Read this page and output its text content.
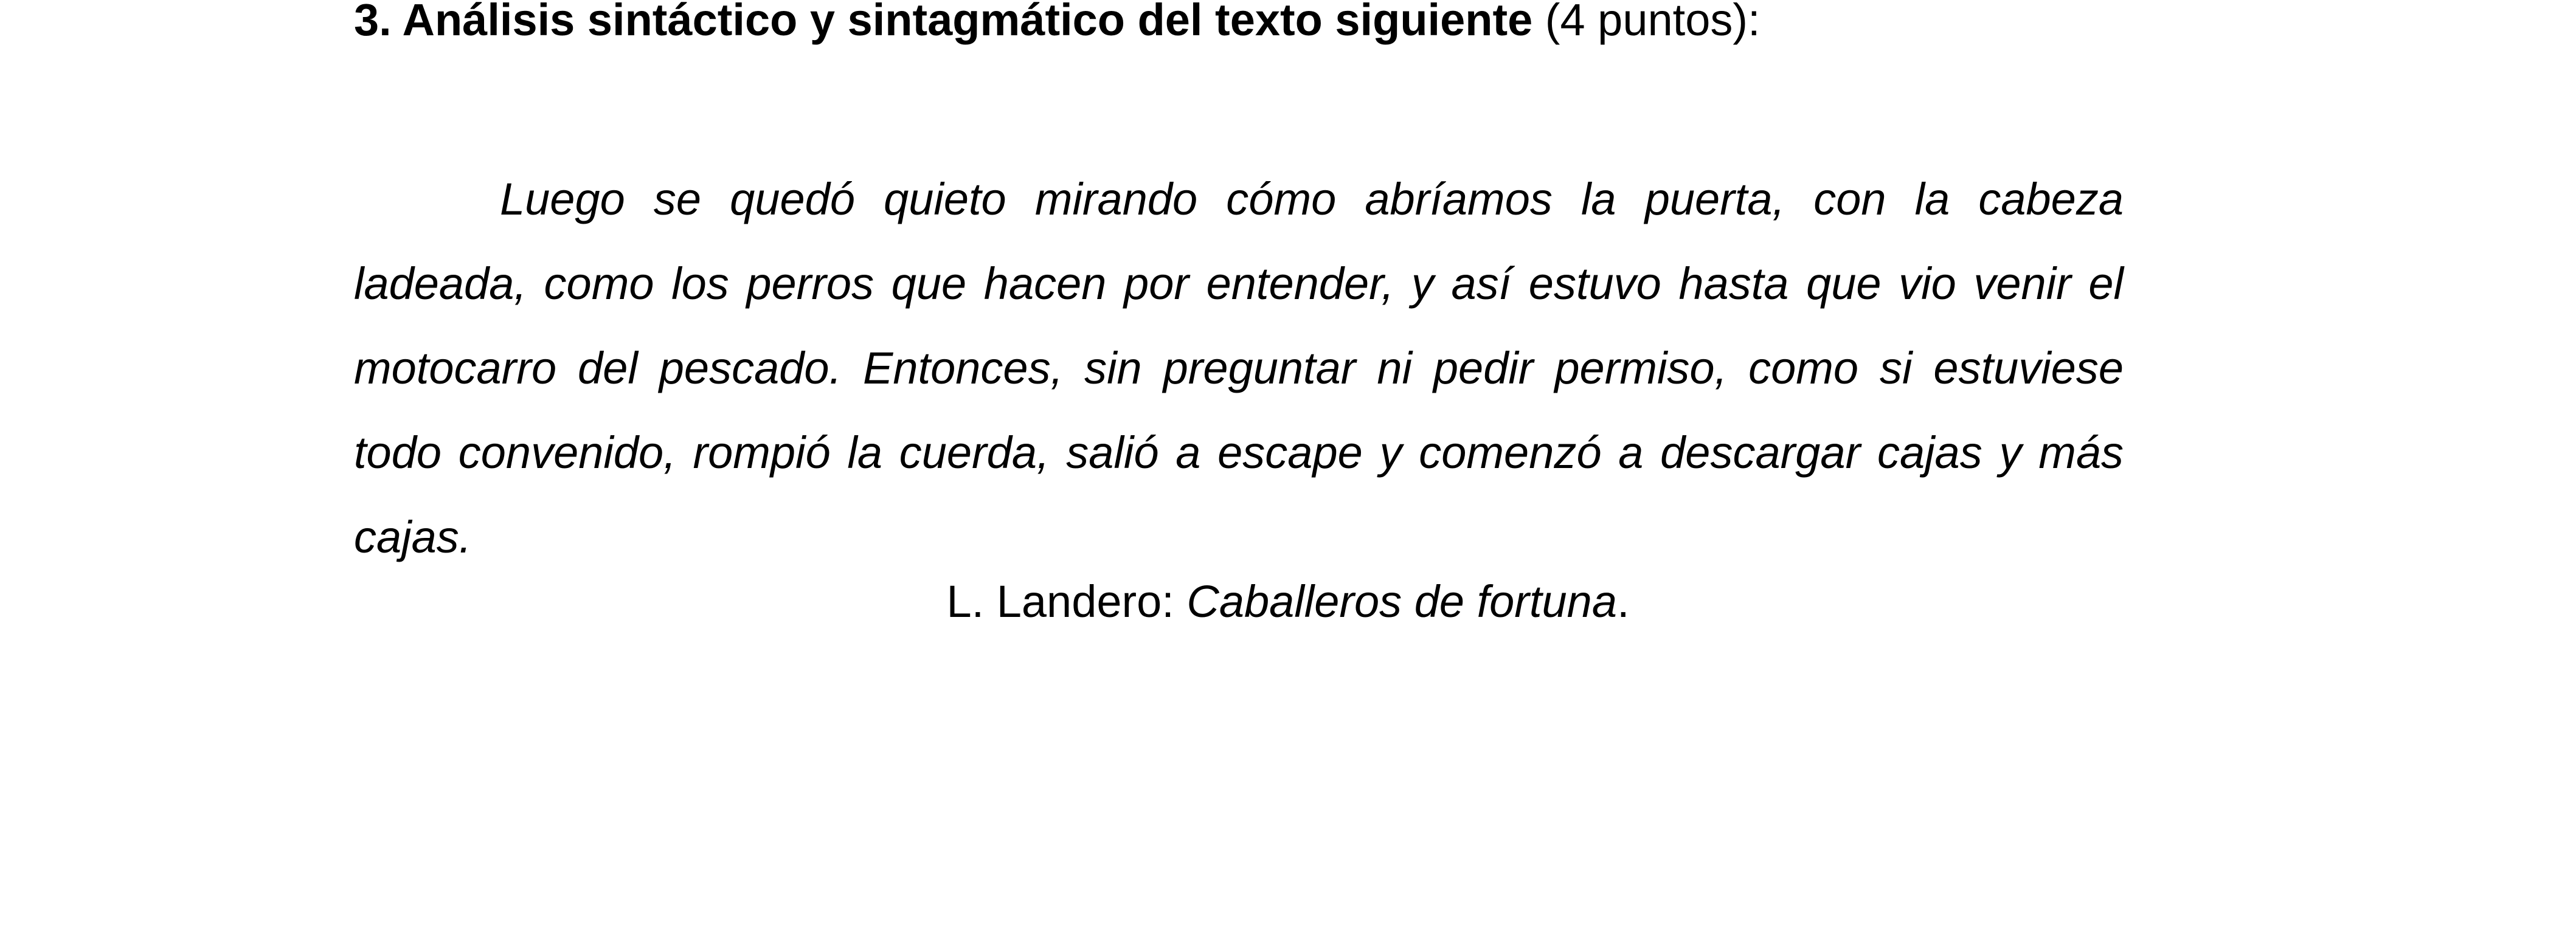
3. Análisis sintáctico y sintagmático del texto siguiente (4 puntos):

Luego se quedó quieto mirando cómo abríamos la puerta, con la cabeza ladeada, como los perros que hacen por entender, y así estuvo hasta que vio venir el motocarro del pescado. Entonces, sin preguntar ni pedir permiso, como si estuviese todo convenido, rompió la cuerda, salió a escape y comenzó a descargar cajas y más cajas.

L. Landero: Caballeros de fortuna.
